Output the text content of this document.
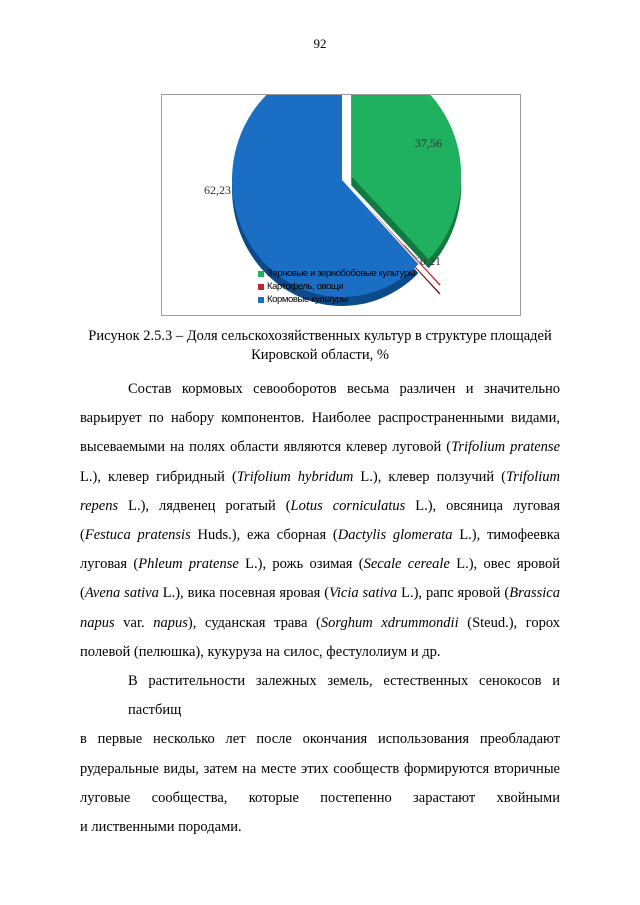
92
37,56
0,21
62,23
Зерновые и зернобобовые культуры
Картофель, овощи
Кормовые культуры
Рисунок 2.5.3 – Доля сельскохозяйственных культур в структуре площадей
Кировской области, %
Состав кормовых севооборотов весьма различен и значительно
варьирует по набору компонентов. Наиболее распространенными видами,
высеваемыми на полях области являются клевер луговой (Trifolium pratense
L.), клевер гибридный (Trifolium hybridum L.), клевер ползучий (Trifolium
repens L.), лядвенец рогатый (Lotus corniculatus L.), овсяница луговая
(Festuca pratensis Huds.), ежа сборная (Dactylis glomerata L.), тимофеевка
луговая (Phleum pratense L.), рожь озимая (Secale cereale L.), овес яровой
(Avena sativa L.), вика посевная яровая (Vicia sativa L.), рапс яровой (Brassica
napus var. napus), суданская трава (Sorghum xdrummondii (Steud.), горох
полевой (пелюшка), кукуруза на силос, фестулолиум и др.
В растительности залежных земель, естественных сенокосов и пастбищ
в первые несколько лет после окончания использования преобладают
рудеральные виды, затем на месте этих сообществ формируются вторичные
луговые сообщества, которые постепенно зарастают хвойными
и лиственными породами.
